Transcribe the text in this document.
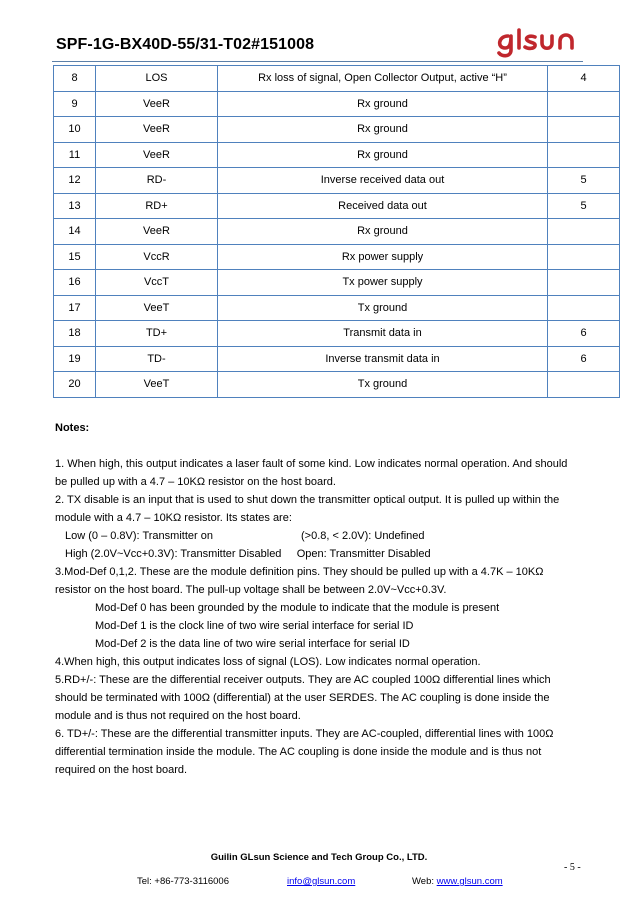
SPF-1G-BX40D-55/31-T02#151008
8	LOS	Rx loss of signal, Open Collector Output, active “H”	4
9	VeeR	Rx ground	
10	VeeR	Rx ground	
11	VeeR	Rx ground	
12	RD-	Inverse received data out	5
13	RD+	Received data out	5
14	VeeR	Rx ground	
15	VccR	Rx power supply	
16	VccT	Tx power supply	
17	VeeT	Tx ground	
18	TD+	Transmit data in	6
19	TD-	Inverse transmit data in	6
20	VeeT	Tx ground	
Notes:
1. When high, this output indicates a laser fault of some kind. Low indicates normal operation. And should
be pulled up with a 4.7 – 10KΩ resistor on the host board.
2. TX disable is an input that is used to shut down the transmitter optical output. It is pulled up within the
module with a 4.7 – 10KΩ resistor. Its states are:
Low (0 – 0.8V): Transmitter on	(>0.8, < 2.0V): Undefined
High (2.0V~Vcc+0.3V): Transmitter Disabled Open: Transmitter Disabled
3.Mod-Def 0,1,2. These are the module definition pins. They should be pulled up with a 4.7K – 10KΩ
resistor on the host board. The pull-up voltage shall be between 2.0V~Vcc+0.3V.
Mod-Def 0 has been grounded by the module to indicate that the module is present
Mod-Def 1 is the clock line of two wire serial interface for serial ID
Mod-Def 2 is the data line of two wire serial interface for serial ID
4.When high, this output indicates loss of signal (LOS). Low indicates normal operation.
5.RD+/-: These are the differential receiver outputs. They are AC coupled 100Ω differential lines which
should be terminated with 100Ω (differential) at the user SERDES. The AC coupling is done inside the
module and is thus not required on the host board.
6. TD+/-: These are the differential transmitter inputs. They are AC-coupled, differential lines with 100Ω
differential termination inside the module. The AC coupling is done inside the module and is thus not
required on the host board.
Guilin GLsun Science and Tech Group Co., LTD.
- 5 -
Tel: +86-773-3116006	info@glsun.com	Web: www.glsun.com
